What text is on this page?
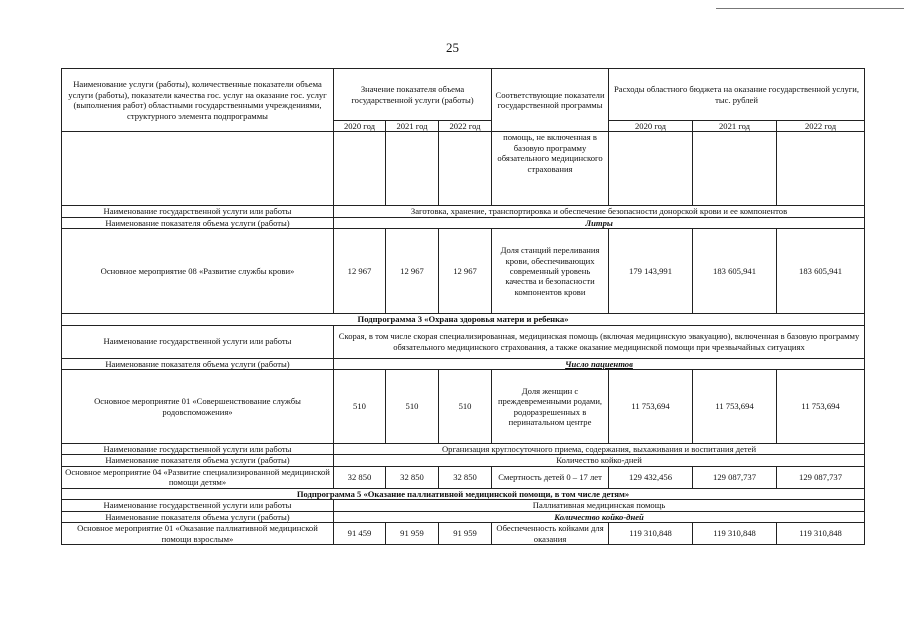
25
Наименование услуги (работы), количественные показатели объема услуги (работы), показатели качества гос. услуг на оказание гос. услуг (выполнения работ) областными государственными учреждениями, структурного элемента подпрограммы	Значение показателя объема государственной услуги (работы)			Соответствующие показатели государственной программы	Расходы областного бюджета на оказание государственной услуги, тыс. рублей		
	2020 год	2021 год	2022 год		2020 год	2021 год	2022 год
				помощь, не включенная в базовую программу обязательного медицинского страхования			
Наименование государственной услуги или работы	Заготовка, хранение, транспортировка и обеспечение безопасности донорской крови и ее компонентов						
Наименование показателя объема услуги (работы)	Литры						
Основное мероприятие 08 «Развитие службы крови»	12 967	12 967	12 967	Доля станций переливания крови, обеспечивающих современный уровень качества и безопасности компонентов крови	179 143,991	183 605,941	183 605,941
Подпрограмма 3 «Охрана здоровья матери и ребенка»							
Наименование государственной услуги или работы	Скорая, в том числе скорая специализированная, медицинская помощь (включая медицинскую эвакуацию), включенная в базовую программу обязательного медицинского страхования, а также оказание медицинской помощи при чрезвычайных ситуациях						
Наименование показателя объема услуги (работы)	Число пациентов						
Основное мероприятие 01 «Совершенствование службы родовспоможения»	510	510	510	Доля женщин с преждевременными родами, родоразрешенных в перинатальном центре	11 753,694	11 753,694	11 753,694
Наименование государственной услуги или работы	Организация круглосуточного приема, содержания, выхаживания и воспитания детей						
Наименование показателя объема услуги (работы)	Количество койко-дней						
Основное мероприятие 04 «Развитие специализированной медицинской помощи детям»	32 850	32 850	32 850	Смертность детей 0 – 17 лет	129 432,456	129 087,737	129 087,737
Подпрограмма 5 «Оказание паллиативной медицинской помощи, в том числе детям»							
Наименование государственной услуги или работы	Паллиативная медицинская помощь						
Наименование показателя объема услуги (работы)	Количество койко-дней						
Основное мероприятие 01 «Оказание паллиативной медицинской помощи взрослым»	91 459	91 959	91 959	Обеспеченность койками для оказания	119 310,848	119 310,848	119 310,848
